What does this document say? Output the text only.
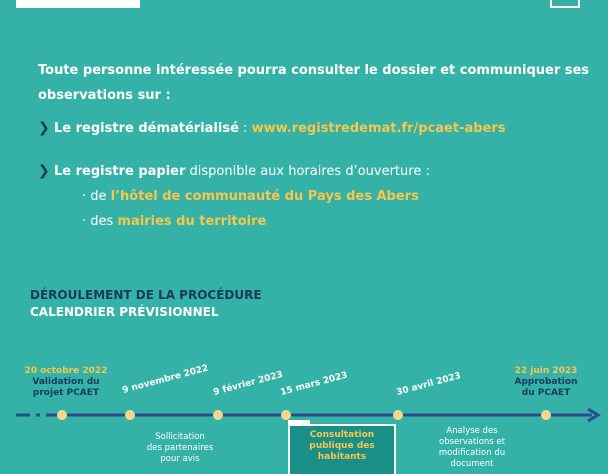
Toute personne intéressée pourra consulter le dossier et communiquer ses observations sur :
❯ Le registre dématérialisé : www.registredemat.fr/pcaet-abers
❯ Le registre papier disponible aux horaires d’ouverture :
· de l’hôtel de communauté du Pays des Abers
· des mairies du territoire
DÉROULEMENT DE LA PROCÉDURE
CALENDRIER PRÉVISIONNEL
20 octobre 2022
Validation du
projet PCAET
22 juin 2023
Approbation
du PCAET
9 novembre 2022 9 février 2023
15 mars 2023	30 avril 2023
Sollicitation
des partenaires
pour avis
Consultation
publique des
habitants
Analyse des
observations et
modification du
document
